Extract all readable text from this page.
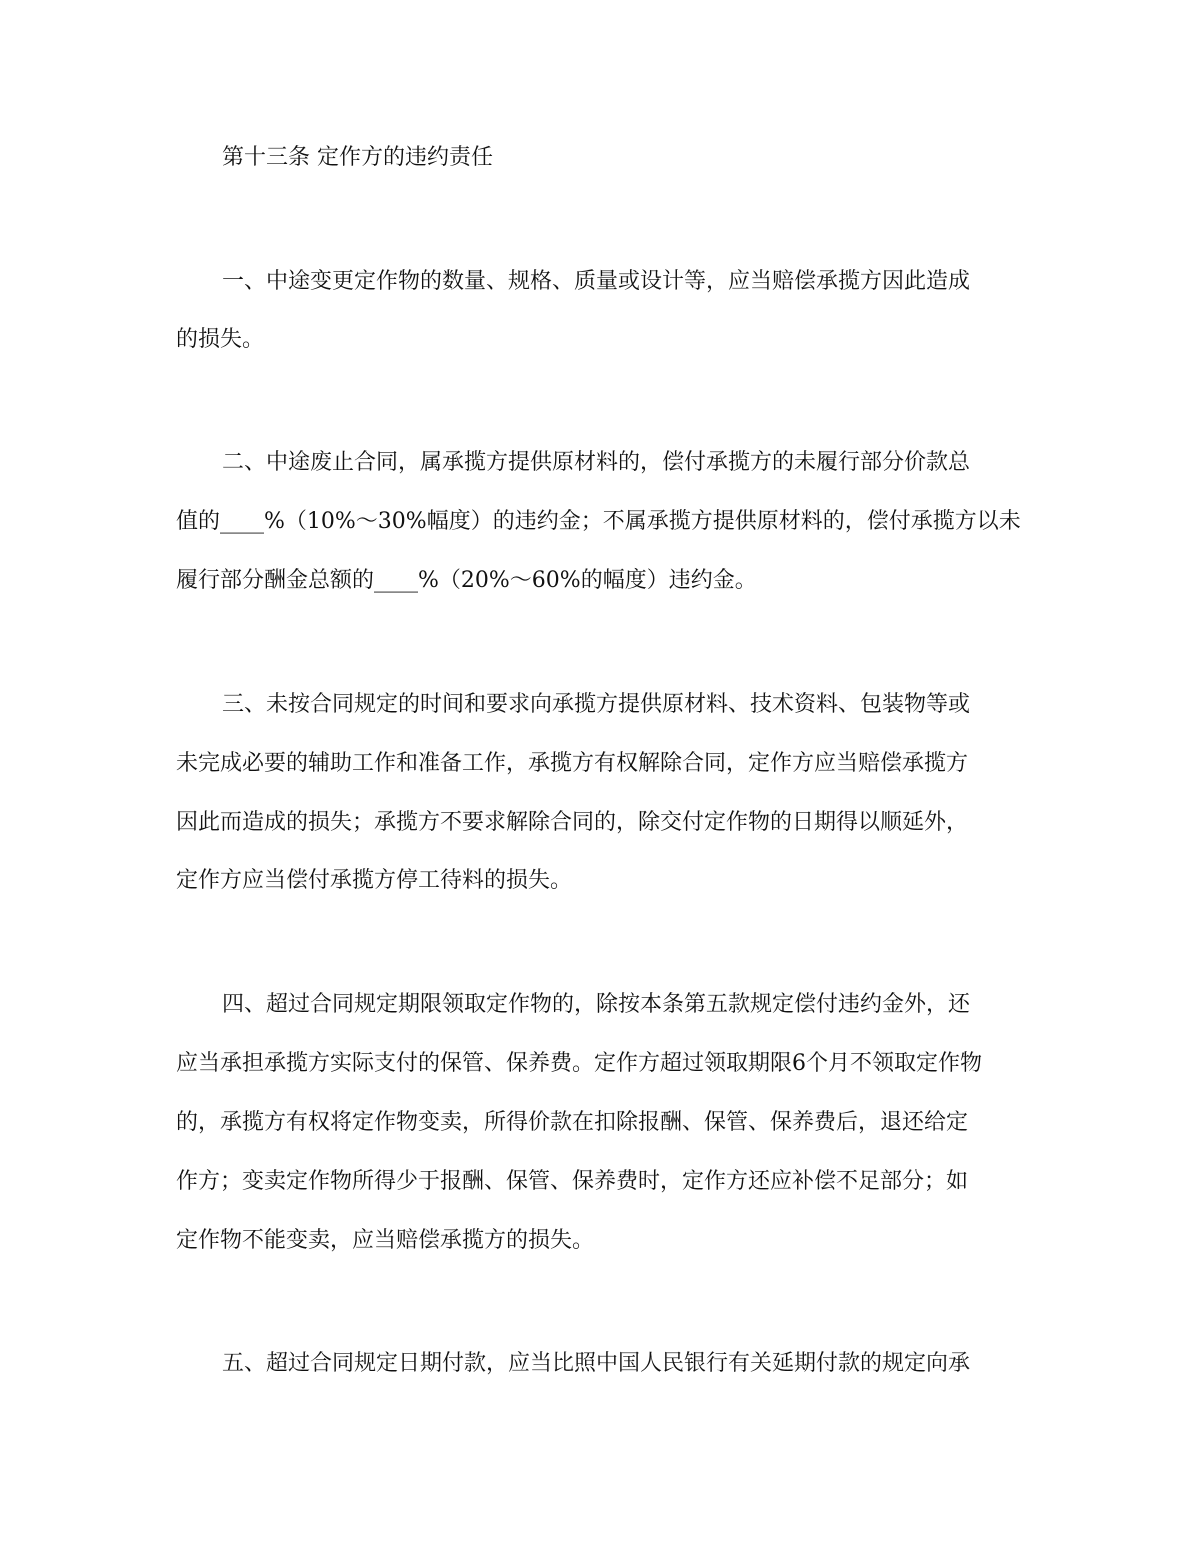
第十三条 定作方的违约责任
一、中途变更定作物的数量、规格、质量或设计等，应当赔偿承揽方因此造成
的损失。
二、中途废止合同，属承揽方提供原材料的，偿付承揽方的未履行部分价款总
值的____%（10%～30%幅度）的违约金；不属承揽方提供原材料的，偿付承揽方以未
履行部分酬金总额的____%（20%～60%的幅度）违约金。
三、未按合同规定的时间和要求向承揽方提供原材料、技术资料、包装物等或
未完成必要的辅助工作和准备工作，承揽方有权解除合同，定作方应当赔偿承揽方
因此而造成的损失；承揽方不要求解除合同的，除交付定作物的日期得以顺延外，
定作方应当偿付承揽方停工待料的损失。
四、超过合同规定期限领取定作物的，除按本条第五款规定偿付违约金外，还
应当承担承揽方实际支付的保管、保养费。定作方超过领取期限6个月不领取定作物
的，承揽方有权将定作物变卖，所得价款在扣除报酬、保管、保养费后，退还给定
作方；变卖定作物所得少于报酬、保管、保养费时，定作方还应补偿不足部分；如
定作物不能变卖，应当赔偿承揽方的损失。
五、超过合同规定日期付款，应当比照中国人民银行有关延期付款的规定向承
